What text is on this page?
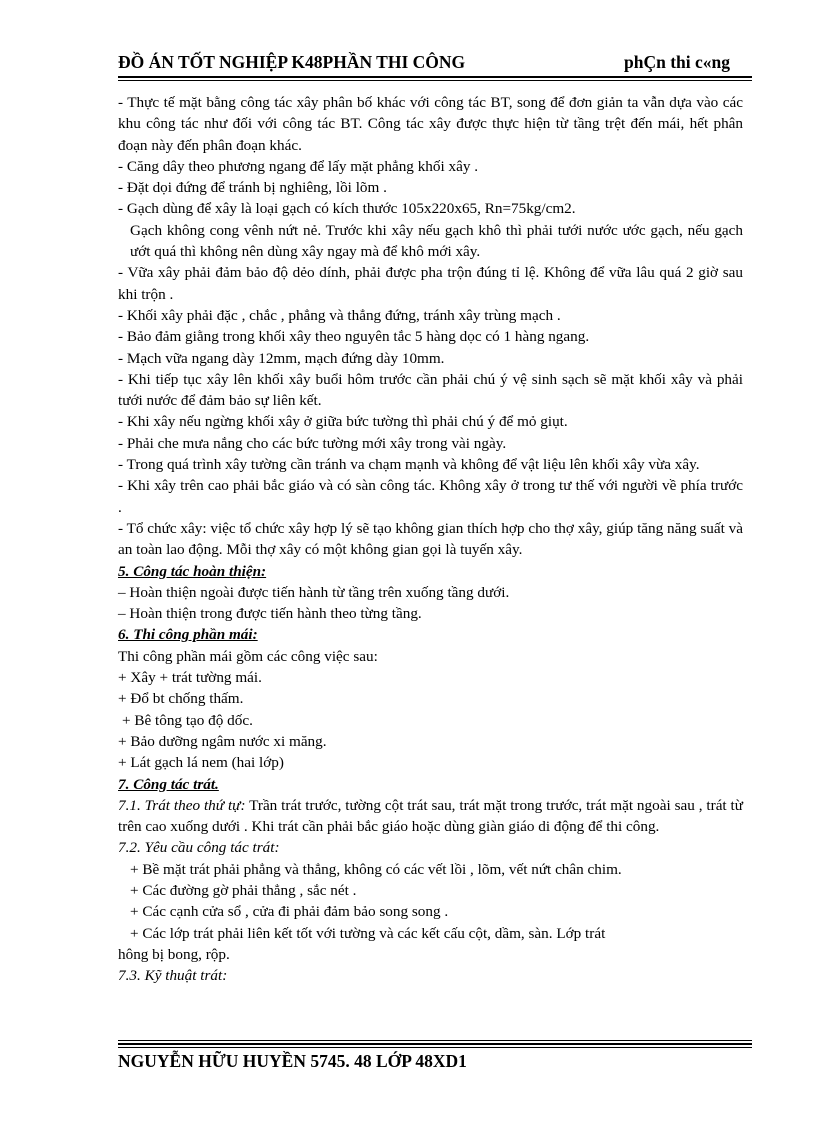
ĐỒ ÁN TỐT NGHIỆP K48PHẦN THI CÔNG	phÇn thi c«ng

- Thực tế mặt bằng công tác xây phân bố khác với công tác BT, song để đơn giản ta vẫn dựa vào các khu công tác như đối với công tác BT. Công tác xây được thực hiện từ tầng trệt đến mái, hết phân đoạn này đến phân đoạn khác.

- Căng dây theo phương ngang để lấy mặt phẳng khối xây .

- Đặt dọi đứng để tránh bị nghiêng, lồi lõm .

- Gạch dùng để xây là loại gạch có kích thước 105x220x65, Rn=75kg/cm2.

Gạch không cong vênh nứt nẻ. Trước khi xây nếu gạch khô thì phải tưới nước ước gạch, nếu gạch ướt quá thì không nên dùng xây ngay mà để khô mới xây.

- Vữa xây phải đảm bảo độ dẻo dính, phải được pha trộn đúng tỉ lệ. Không để vữa lâu quá 2 giờ sau khi trộn .

- Khối xây phải đặc , chắc , phẳng và thẳng đứng, tránh xây trùng mạch .

- Bảo đảm giằng trong khối xây theo nguyên tắc 5 hàng dọc có 1 hàng ngang.

- Mạch vữa ngang dày 12mm, mạch đứng dày 10mm.

- Khi tiếp tục xây lên khối xây buổi hôm trước cần phải chú ý vệ sinh sạch sẽ mặt khối xây và phải tưới nước để đảm bảo sự liên kết.

- Khi xây nếu ngừng khối xây ở giữa bức tường thì phải chú ý để mỏ giụt.

- Phải che mưa nắng cho các bức tường mới xây trong vài ngày.

- Trong quá trình xây tường cần tránh va chạm mạnh và không để vật liệu lên khối xây vừa xây.

- Khi xây trên cao phải bắc giáo và có sàn công tác. Không xây ở trong tư thế với người về phía trước .

- Tổ chức xây: việc tổ chức xây hợp lý sẽ tạo không gian thích hợp cho thợ xây, giúp tăng năng suất và an toàn lao động. Mỗi thợ xây có một không gian gọi là tuyến xây.

5. Công tác hoàn thiện:

– Hoàn thiện ngoài được tiến hành từ tầng trên xuống tầng dưới.

– Hoàn thiện trong được tiến hành theo từng tầng.

6. Thi công phần mái:

Thi công phần mái gồm các công việc sau:

+ Xây + trát tường mái.

+ Đổ bt chống thấm.

+ Bê tông tạo độ dốc.

+ Bảo dưỡng ngâm nước xi măng.

+ Lát gạch lá nem (hai lớp)

7. Công tác trát.

7.1. Trát theo thứ tự: Trần trát trước, tường cột trát sau, trát mặt trong trước, trát mặt ngoài sau , trát từ trên cao xuống dưới . Khi trát cần phải bắc giáo hoặc dùng giàn giáo di động để thi công.

7.2. Yêu cầu công tác trát:

+ Bề mặt trát phải phẳng và thẳng, không có các vết lồi , lõm, vết nứt chân chim.

+ Các đường gờ phải thẳng , sắc nét .

+ Các cạnh cửa sổ , cửa đi phải đảm bảo song song .

+ Các lớp trát phải liên kết tốt với tường và các kết cấu cột, dầm, sàn. Lớp trát

hông bị bong, rộp.

7.3. Kỹ thuật trát:

NGUYỄN HỮU HUYỀN 5745. 48 LỚP 48XD1
